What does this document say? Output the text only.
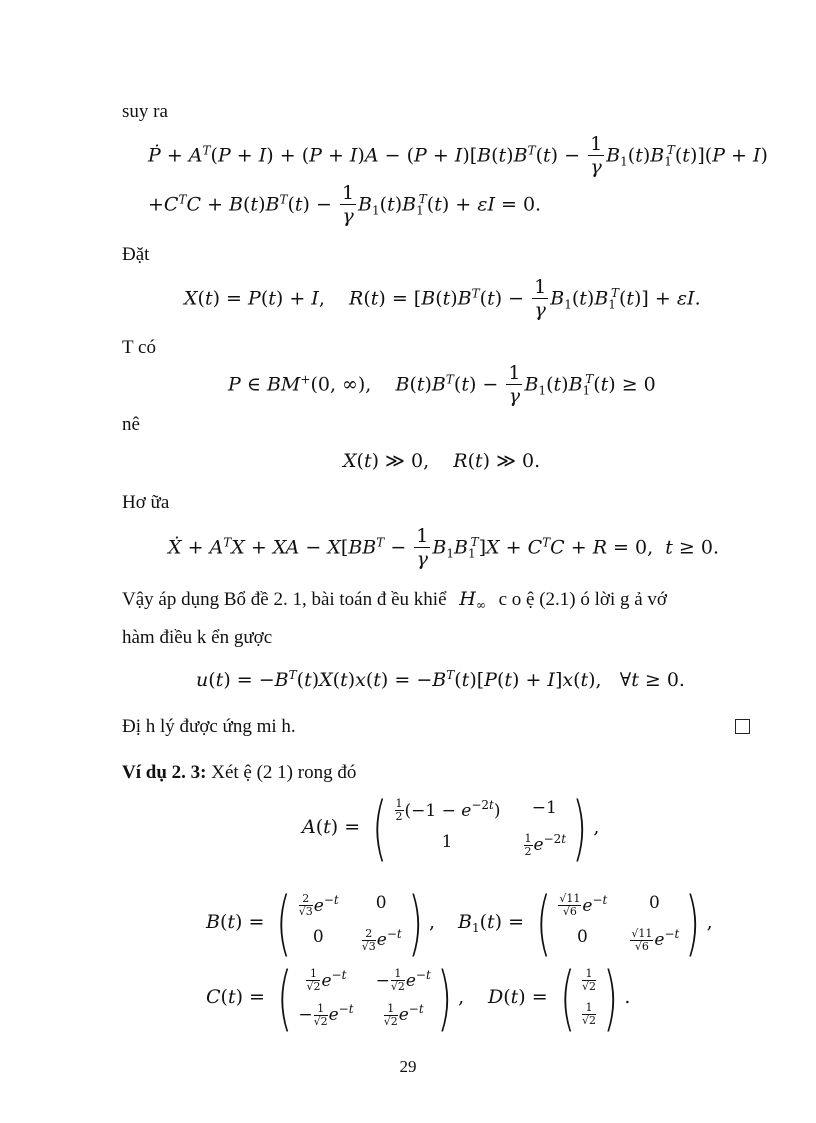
suy ra
Ṗ + $A^T(P + I) + (P + I)A - (P + I)[B(t)B^T(t) - \frac{1}{\gamma} B_1(t)B_1^T(t)](P + I)$
$+C^TC + B(t)B^T(t) - \frac{1}{\gamma} B_1(t)B_1^T(t) + \varepsilon I = 0$.
Đặt
X(t) = P(t) + I,    $R(t) = [B(t)B^T(t) - \frac{1}{\gamma} B_1(t)B_1^T(t)] + \varepsilon I$.
T có
P ∈ BM+(0, ∞),    $B(t)B^T(t) - \frac{1}{\gamma} B_1(t)B_1^T(t) \ge 0$
nê
X(t) ≫ 0,    R(t) ≫ 0.
Hơ ữa
Ẋ + $A^TX$ + XA − $X[BB^T - \frac{1}{\gamma} B_1B_1^T]X + C^TC + R = 0$,  t ≥ 0.
Vậy áp dụng Bổ đề 2. 1, bài toán đ ều khiể $H_\infty$ c o ệ (2.1) ó lời g ả vớ
hàm điều k ển gược
$u(t) = -B^T(t)X(t)x(t) = -B^T(t)[P(t) + I]x(t)$,   ∀t ≥ 0.
Đị h lý được ứng mi h.
Ví dụ 2. 3: Xét ệ (2 1) rong đó
A(t) = ( $\frac{1}{2} (-1 - e^{-2t})$	−1
1	$\frac{1}{2} e^{-2t}$ ) ,
B(t) = ( $\frac{2}{√3} e^{-t}$	0
0	$\frac{2}{√3} e^{-t}$ ) , $B_1(t)$ = ( $\frac{√11}{√6} e^{-t}$	0
0	$\frac{√11}{√6} e^{-t}$ ) ,
C(t) = ( $\frac{1}{√2} e^{-t}$	− $\frac{1}{√2} e^{-t}$
− $\frac{1}{√2} e^{-t}$	$\frac{1}{√2} e^{-t}$ ) , D(t) = ( $\frac{1}{√2}$
$\frac{1}{√2}$ ) .
29
